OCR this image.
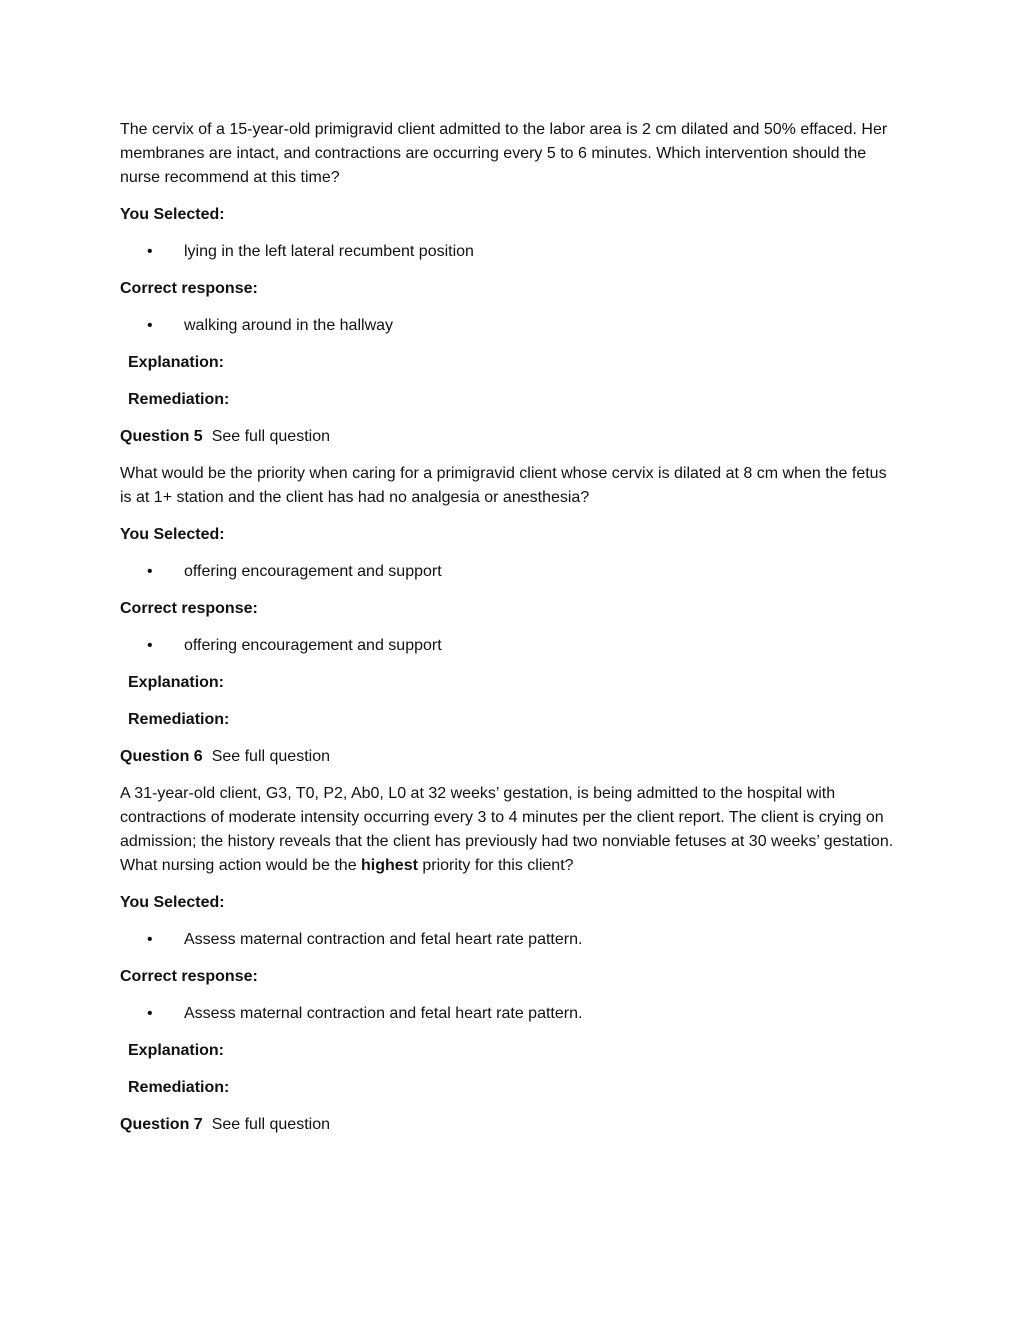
The cervix of a 15-year-old primigravid client admitted to the labor area is 2 cm dilated and 50% effaced. Her membranes are intact, and contractions are occurring every 5 to 6 minutes. Which intervention should the nurse recommend at this time?

You Selected:
• lying in the left lateral recumbent position
Correct response:
• walking around in the hallway
Explanation:
Remediation:
Question 5 See full question

What would be the priority when caring for a primigravid client whose cervix is dilated at 8 cm when the fetus is at 1+ station and the client has had no analgesia or anesthesia?

You Selected:
• offering encouragement and support
Correct response:
• offering encouragement and support
Explanation:
Remediation:
Question 6 See full question

A 31-year-old client, G3, T0, P2, Ab0, L0 at 32 weeks’ gestation, is being admitted to the hospital with contractions of moderate intensity occurring every 3 to 4 minutes per the client report. The client is crying on admission; the history reveals that the client has previously had two nonviable fetuses at 30 weeks’ gestation. What nursing action would be the highest priority for this client?

You Selected:
• Assess maternal contraction and fetal heart rate pattern.
Correct response:
• Assess maternal contraction and fetal heart rate pattern.
Explanation:
Remediation:
Question 7 See full question
